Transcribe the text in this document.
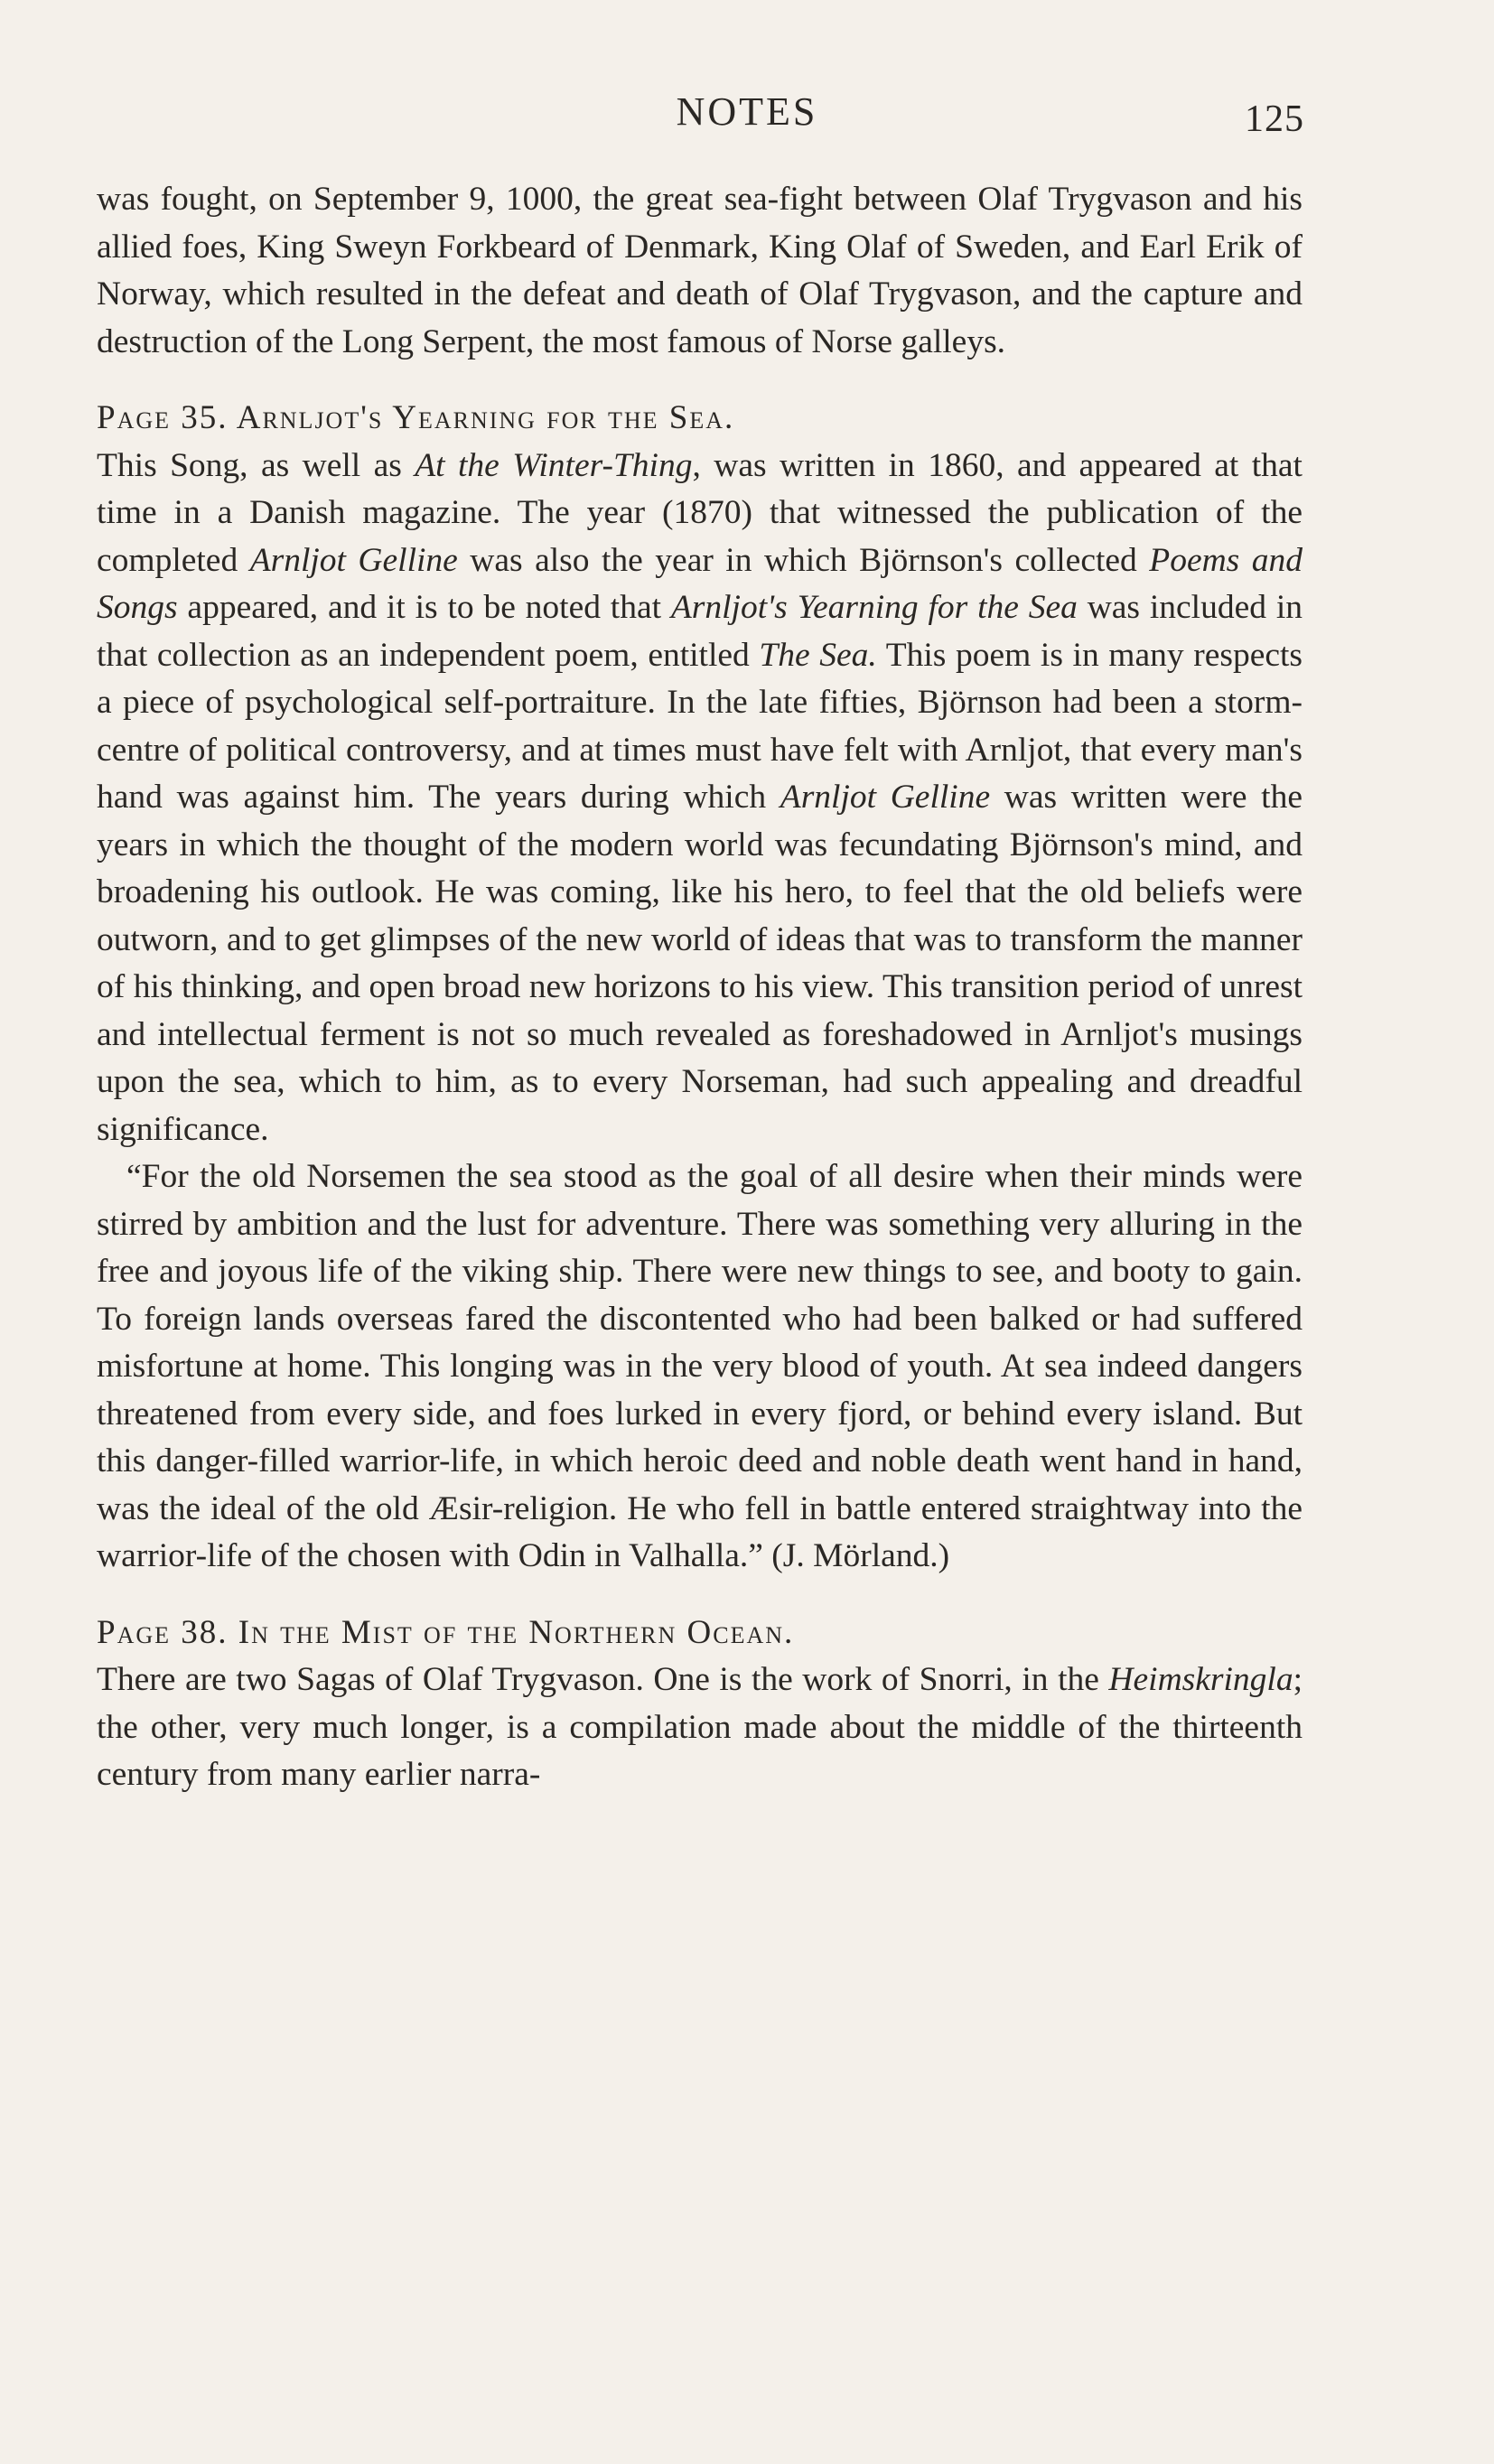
NOTES	125

was fought, on September 9, 1000, the great sea-fight between Olaf Trygvason and his allied foes, King Sweyn Forkbeard of Denmark, King Olaf of Sweden, and Earl Erik of Norway, which resulted in the defeat and death of Olaf Trygvason, and the capture and destruction of the Long Serpent, the most famous of Norse galleys.

Page 35. Arnljot's Yearning for the Sea.

This Song, as well as At the Winter-Thing, was written in 1860, and appeared at that time in a Danish magazine. The year (1870) that witnessed the publication of the completed Arnljot Gelline was also the year in which Björnson's collected Poems and Songs appeared, and it is to be noted that Arnljot's Yearning for the Sea was included in that collection as an independent poem, entitled The Sea. This poem is in many respects a piece of psychological self-portraiture. In the late fifties, Björnson had been a storm-centre of political controversy, and at times must have felt with Arnljot, that every man's hand was against him. The years during which Arnljot Gelline was written were the years in which the thought of the modern world was fecundating Björnson's mind, and broadening his outlook. He was coming, like his hero, to feel that the old beliefs were outworn, and to get glimpses of the new world of ideas that was to transform the manner of his thinking, and open broad new horizons to his view. This transition period of unrest and intellectual ferment is not so much revealed as foreshadowed in Arnljot's musings upon the sea, which to him, as to every Norseman, had such appealing and dreadful significance.

“For the old Norsemen the sea stood as the goal of all desire when their minds were stirred by ambition and the lust for adventure. There was something very alluring in the free and joyous life of the viking ship. There were new things to see, and booty to gain. To foreign lands overseas fared the discontented who had been balked or had suffered misfortune at home. This longing was in the very blood of youth. At sea indeed dangers threatened from every side, and foes lurked in every fjord, or behind every island. But this danger-filled warrior-life, in which heroic deed and noble death went hand in hand, was the ideal of the old Æsir-religion. He who fell in battle entered straightway into the warrior-life of the chosen with Odin in Valhalla.” (J. Mörland.)

Page 38. In the Mist of the Northern Ocean.

There are two Sagas of Olaf Trygvason. One is the work of Snorri, in the Heimskringla; the other, very much longer, is a compilation made about the middle of the thirteenth century from many earlier narra-
